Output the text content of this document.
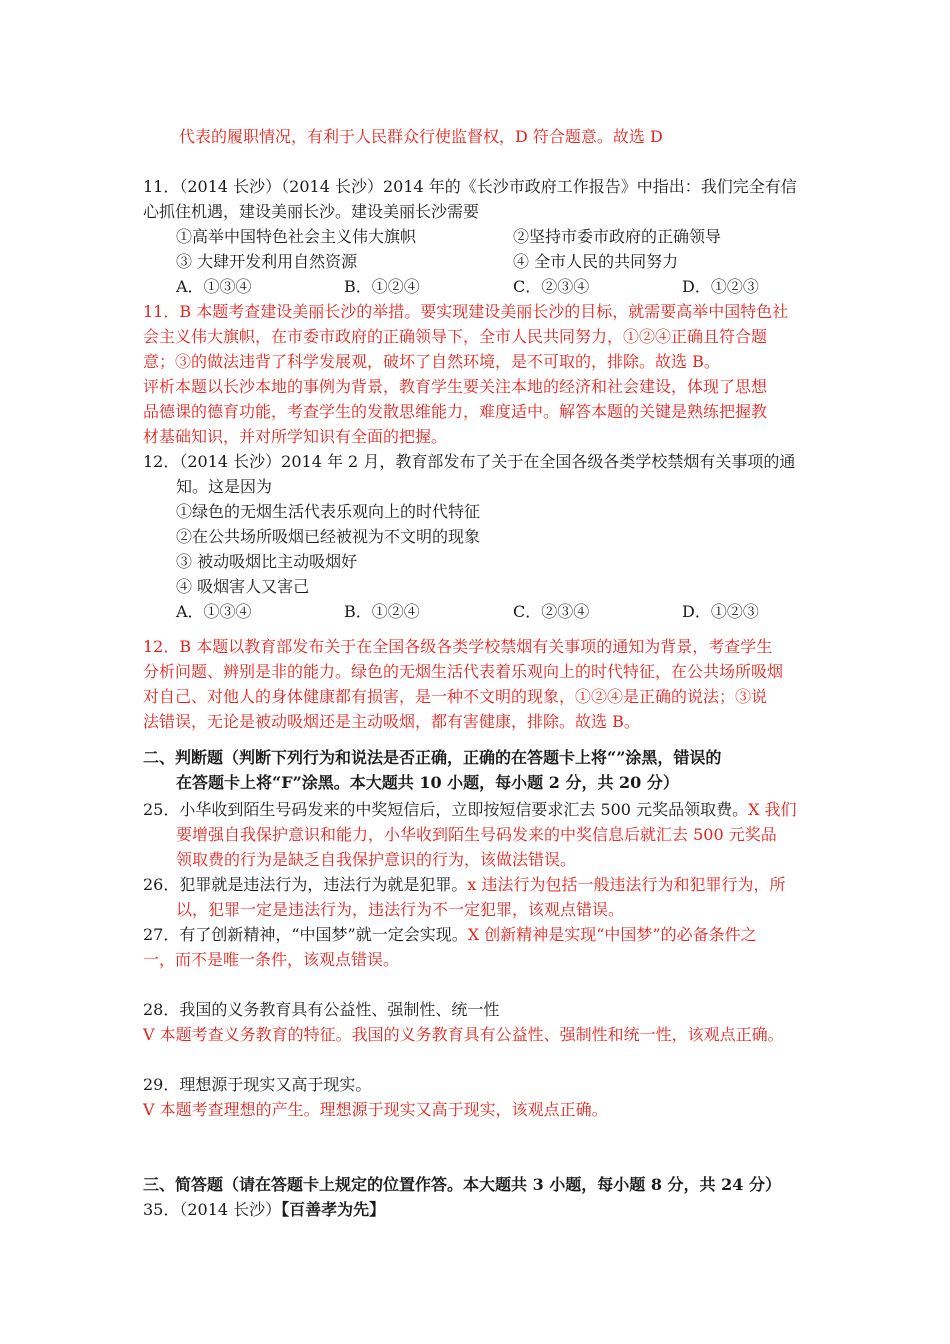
代表的履职情况，有利于人民群众行使监督权，D 符合题意。故选 D

11．（2014 长沙）（2014 长沙）2014 年的《长沙市政府工作报告》中指出：我们完全有信

心抓住机遇，建设美丽长沙。建设美丽长沙需要

①高举中国特色社会主义伟大旗帜	②坚持市委市政府的正确领导

③ 大肆开发利用自然资源	④ 全市人民的共同努力

A．①③④	B．①②④	C．②③④	D．①②③

11．B 本题考查建设美丽长沙的举措。要实现建设美丽长沙的目标，就需要高举中国特色社

会主义伟大旗帜，在市委市政府的正确领导下，全市人民共同努力，①②④正确且符合题

意；③的做法违背了科学发展观，破坏了自然环境，是不可取的，排除。故选 B。

评析本题以长沙本地的事例为背景，教育学生要关注本地的经济和社会建设，体现了思想

品德课的德育功能，考查学生的发散思维能力，难度适中。解答本题的关键是熟练把握教

材基础知识，并对所学知识有全面的把握。

12．（2014 长沙）2014 年 2 月，教育部发布了关于在全国各级各类学校禁烟有关事项的通

知。这是因为

①绿色的无烟生活代表乐观向上的时代特征

②在公共场所吸烟已经被视为不文明的现象

③ 被动吸烟比主动吸烟好

④ 吸烟害人又害己

A．①③④	B．①②④	C．②③④	D．①②③

12．B 本题以教育部发布关于在全国各级各类学校禁烟有关事项的通知为背景，考查学生

分析问题、辨别是非的能力。绿色的无烟生活代表着乐观向上的时代特征，在公共场所吸烟

对自己、对他人的身体健康都有损害，是一种不文明的现象，①②④是正确的说法；③说

法错误，无论是被动吸烟还是主动吸烟，都有害健康，排除。故选 B。

二、判断题（判断下列行为和说法是否正确，正确的在答题卡上将“”涂黑，错误的

在答题卡上将“F”涂黑。本大题共 10 小题，每小题 2 分，共 20 分）

25．小华收到陌生号码发来的中奖短信后，立即按短信要求汇去 500 元奖品领取费。X 我们

要增强自我保护意识和能力，小华收到陌生号码发来的中奖信息后就汇去 500 元奖品

领取费的行为是缺乏自我保护意识的行为，该做法错误。

26．犯罪就是违法行为，违法行为就是犯罪。x 违法行为包括一般违法行为和犯罪行为，所

以，犯罪一定是违法行为，违法行为不一定犯罪，该观点错误。

27．有了创新精神，“中国梦”就一定会实现。X 创新精神是实现“中国梦”的必备条件之

一，而不是唯一条件，该观点错误。

28．我国的义务教育具有公益性、强制性、统一性

V 本题考查义务教育的特征。我国的义务教育具有公益性、强制性和统一性，该观点正确。

29．理想源于现实又高于现实。

V 本题考查理想的产生。理想源于现实又高于现实，该观点正确。

三、简答题（请在答题卡上规定的位置作答。本大题共 3 小题，每小题 8 分，共 24 分）

35．（2014 长沙）【百善孝为先】
